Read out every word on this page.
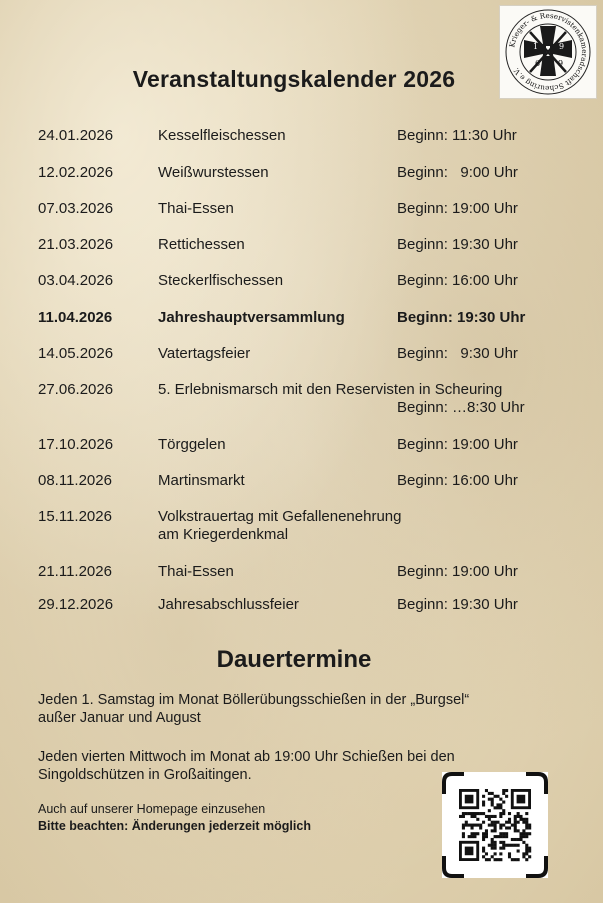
Veranstaltungskalender 2026
Krieger- & Reservistenkameradschaft Scheuring e.V.
1	9
6 9
24.01.2026	Kesselfleischessen	Beginn: 11:30 Uhr
12.02.2026	Weißwurstessen	Beginn:   9:00 Uhr
07.03.2026	Thai-Essen	Beginn: 19:00 Uhr
21.03.2026	Rettichessen	Beginn: 19:30 Uhr
03.04.2026	Steckerlfischessen	Beginn: 16:00 Uhr
11.04.2026	Jahreshauptversammlung	Beginn: 19:30 Uhr
14.05.2026	Vatertagsfeier	Beginn:   9:30 Uhr
27.06.2026	5. Erlebnismarsch mit den Reservisten in Scheuring
Beginn: …8:30 Uhr
17.10.2026	Törggelen	Beginn: 19:00 Uhr
08.11.2026	Martinsmarkt	Beginn: 16:00 Uhr
15.11.2026	Volkstrauertag mit Gefallenenehrung
am Kriegerdenkmal
21.11.2026	Thai-Essen	Beginn: 19:00 Uhr
29.12.2026	Jahresabschlussfeier	Beginn: 19:30 Uhr
Dauertermine
Jeden 1. Samstag im Monat Böllerübungsschießen in der „Burgsel“
außer Januar und August
Jeden vierten Mittwoch im Monat ab 19:00 Uhr Schießen bei den
Singoldschützen in Großaitingen.
Auch auf unserer Homepage einzusehen
Bitte beachten: Änderungen jederzeit möglich
